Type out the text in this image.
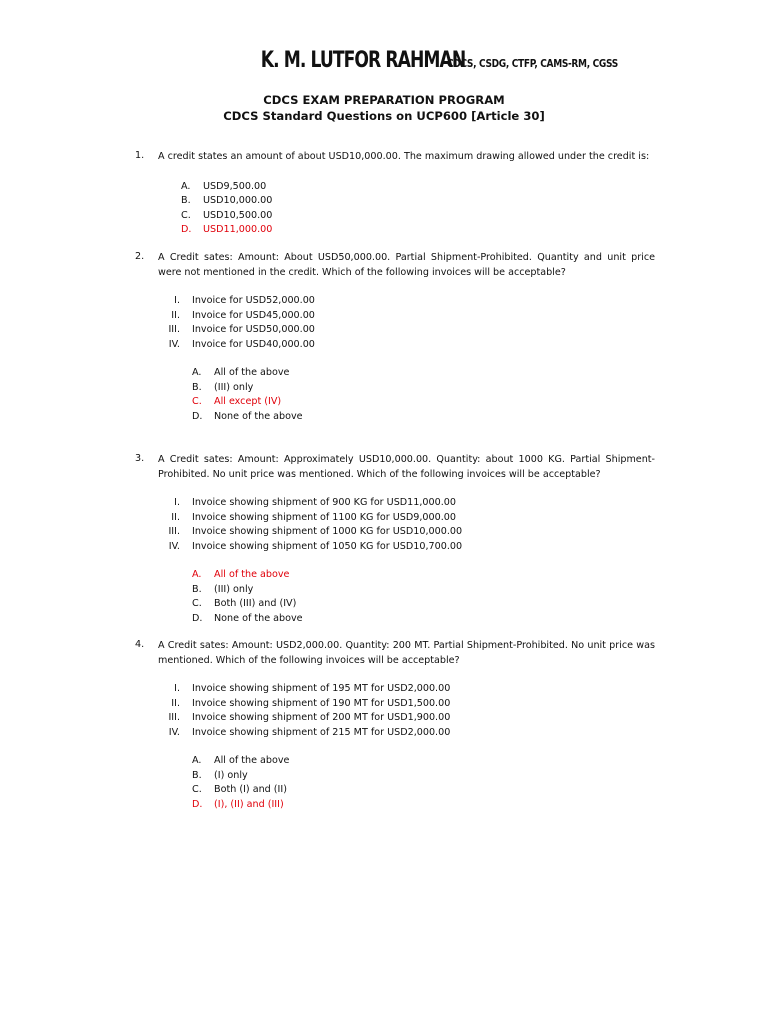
K. M. LUTFOR RAHMAN CDCS, CSDG, CTFP, CAMS-RM, CGSS
CDCS EXAM PREPARATION PROGRAM
CDCS Standard Questions on UCP600 [Article 30]
1. A credit states an amount of about USD10,000.00. The maximum drawing allowed under the credit is:
A. USD9,500.00
B. USD10,000.00
C. USD10,500.00
D. USD11,000.00
2. A Credit sates: Amount: About USD50,000.00. Partial Shipment-Prohibited. Quantity and unit price were not mentioned in the credit. Which of the following invoices will be acceptable?
I. Invoice for USD52,000.00
II. Invoice for USD45,000.00
III. Invoice for USD50,000.00
IV. Invoice for USD40,000.00
A. All of the above
B. (III) only
C. All except (IV)
D. None of the above
3. A Credit sates: Amount: Approximately USD10,000.00. Quantity: about 1000 KG. Partial Shipment-Prohibited. No unit price was mentioned. Which of the following invoices will be acceptable?
I. Invoice showing shipment of 900 KG for USD11,000.00
II. Invoice showing shipment of 1100 KG for USD9,000.00
III. Invoice showing shipment of 1000 KG for USD10,000.00
IV. Invoice showing shipment of 1050 KG for USD10,700.00
A. All of the above
B. (III) only
C. Both (III) and (IV)
D. None of the above
4. A Credit sates: Amount: USD2,000.00. Quantity: 200 MT. Partial Shipment-Prohibited. No unit price was mentioned. Which of the following invoices will be acceptable?
I. Invoice showing shipment of 195 MT for USD2,000.00
II. Invoice showing shipment of 190 MT for USD1,500.00
III. Invoice showing shipment of 200 MT for USD1,900.00
IV. Invoice showing shipment of 215 MT for USD2,000.00
A. All of the above
B. (I) only
C. Both (I) and (II)
D. (I), (II) and (III)
